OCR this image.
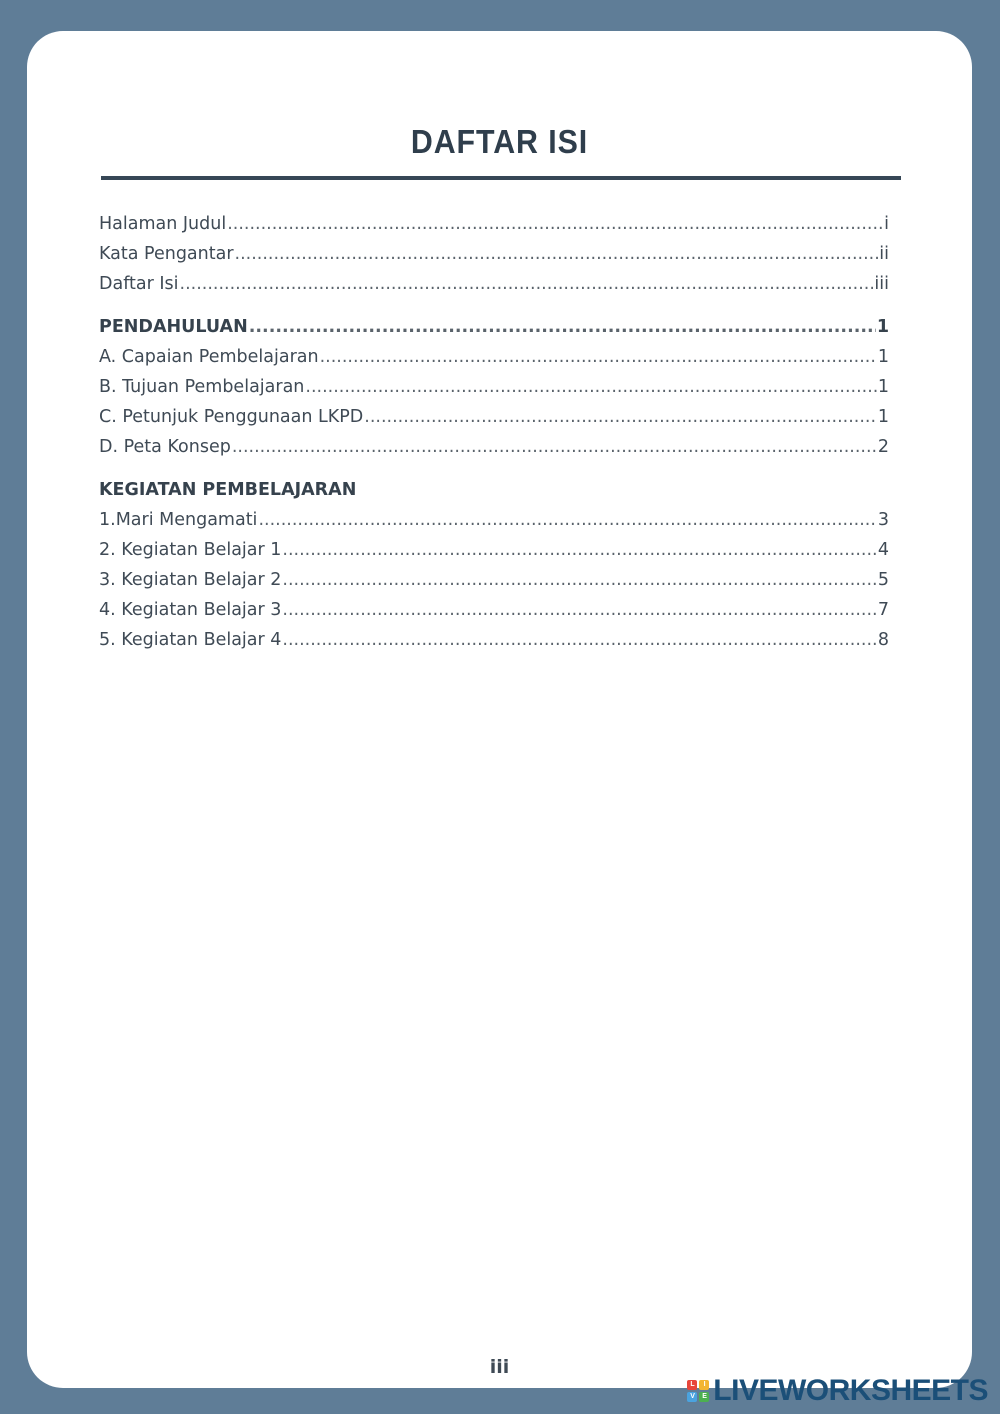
DAFTAR ISI
Halaman Judul .....	i
Kata Pengantar .....	ii
Daftar Isi .....	iii
PENDAHULUAN .....	1
A. Capaian Pembelajaran .....	1
B. Tujuan Pembelajaran .....	1
C. Petunjuk Penggunaan LKPD .....	1
D. Peta Konsep .....	2
KEGIATAN PEMBELAJARAN
1.Mari Mengamati .....	3
2. Kegiatan Belajar 1 .....	4
3. Kegiatan Belajar 2 .....	5
4. Kegiatan Belajar 3 .....	7
5. Kegiatan Belajar 4 .....	8
iii
L	I
V	E LIVEWORKSHEETS
